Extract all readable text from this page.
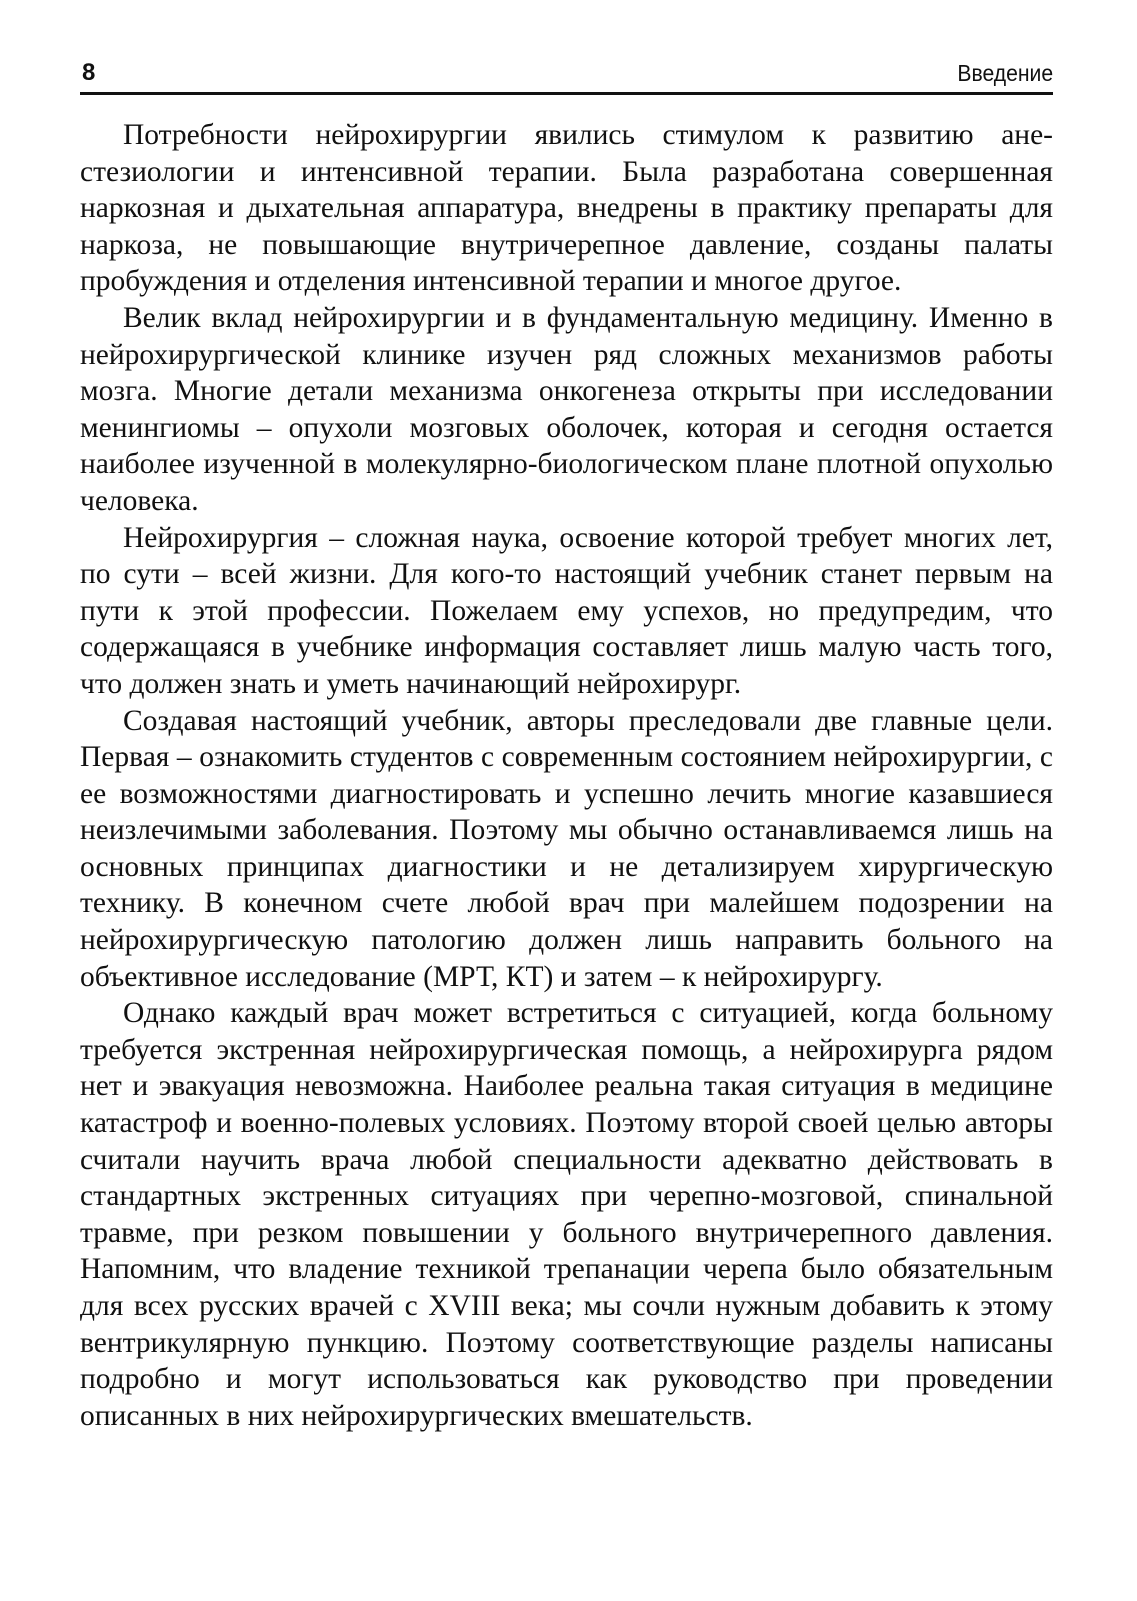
8	Введение

Потребности нейрохирургии явились стимулом к развитию анестезиологии и интенсивной терапии. Была разработана совершенная наркозная и дыхательная аппаратура, внедрены в практику препараты для наркоза, не повышающие внутричерепное давление, созданы палаты пробуждения и отделения интенсивной терапии и многое другое.

Велик вклад нейрохирургии и в фундаментальную медицину. Именно в нейрохирургической клинике изучен ряд сложных механизмов работы мозга. Многие детали механизма онкогенеза открыты при исследовании менингиомы – опухоли мозговых оболочек, которая и сегодня остается наиболее изученной в молекулярно-биологическом плане плотной опухолью человека.

Нейрохирургия – сложная наука, освоение которой требует многих лет, по сути – всей жизни. Для кого-то настоящий учебник станет первым на пути к этой профессии. Пожелаем ему успехов, но предупредим, что содержащаяся в учебнике информация составляет лишь малую часть того, что должен знать и уметь начинающий нейрохирург.

Создавая настоящий учебник, авторы преследовали две главные цели. Первая – ознакомить студентов с современным состоянием нейрохирургии, с ее возможностями диагностировать и успешно лечить многие казавшиеся неизлечимыми заболевания. Поэтому мы обычно останавливаемся лишь на основных принципах диагностики и не детализируем хирургическую технику. В конечном счете любой врач при малейшем подозрении на нейрохирургическую патологию должен лишь направить больного на объективное исследование (МРТ, КТ) и затем – к нейрохирургу.

Однако каждый врач может встретиться с ситуацией, когда больному требуется экстренная нейрохирургическая помощь, а нейрохирурга рядом нет и эвакуация невозможна. Наиболее реальна такая ситуация в медицине катастроф и военно-полевых условиях. Поэтому второй своей целью авторы считали научить врача любой специальности адекватно действовать в стандартных экстренных ситуациях при черепно-мозговой, спинальной травме, при резком повышении у больного внутричерепного давления. Напомним, что владение техникой трепанации черепа было обязательным для всех русских врачей с XVIII века; мы сочли нужным добавить к этому вентрикулярную пункцию. Поэтому соответствующие разделы написаны подробно и могут использоваться как руководство при проведении описанных в них нейрохирургических вмешательств.
